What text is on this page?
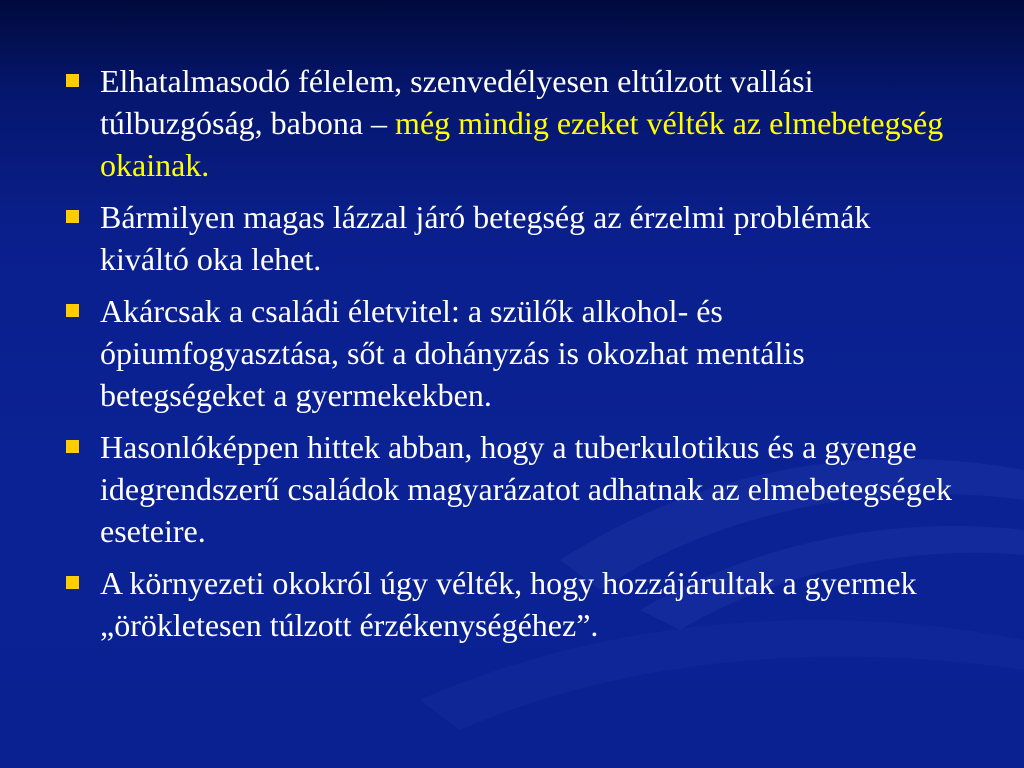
Elhatalmasodó félelem, szenvedélyesen eltúlzott vallási túlbuzgóság, babona – még mindig ezeket vélték az elmebetegség okainak.
Bármilyen magas lázzal járó betegség az érzelmi problémák kiváltó oka lehet.
Akárcsak a családi életvitel: a szülők alkohol- és ópiumfogyasztása, sőt a dohányzás is okozhat mentális betegségeket a gyermekekben.
Hasonlóképpen hittek abban, hogy a tuberkulotikus és a gyenge idegrendszerű családok magyarázatot adhatnak az elmebetegségek eseteire.
A környezeti okokról úgy vélték, hogy hozzájárultak a gyermek „örökletesen túlzott érzékenységéhez”.
